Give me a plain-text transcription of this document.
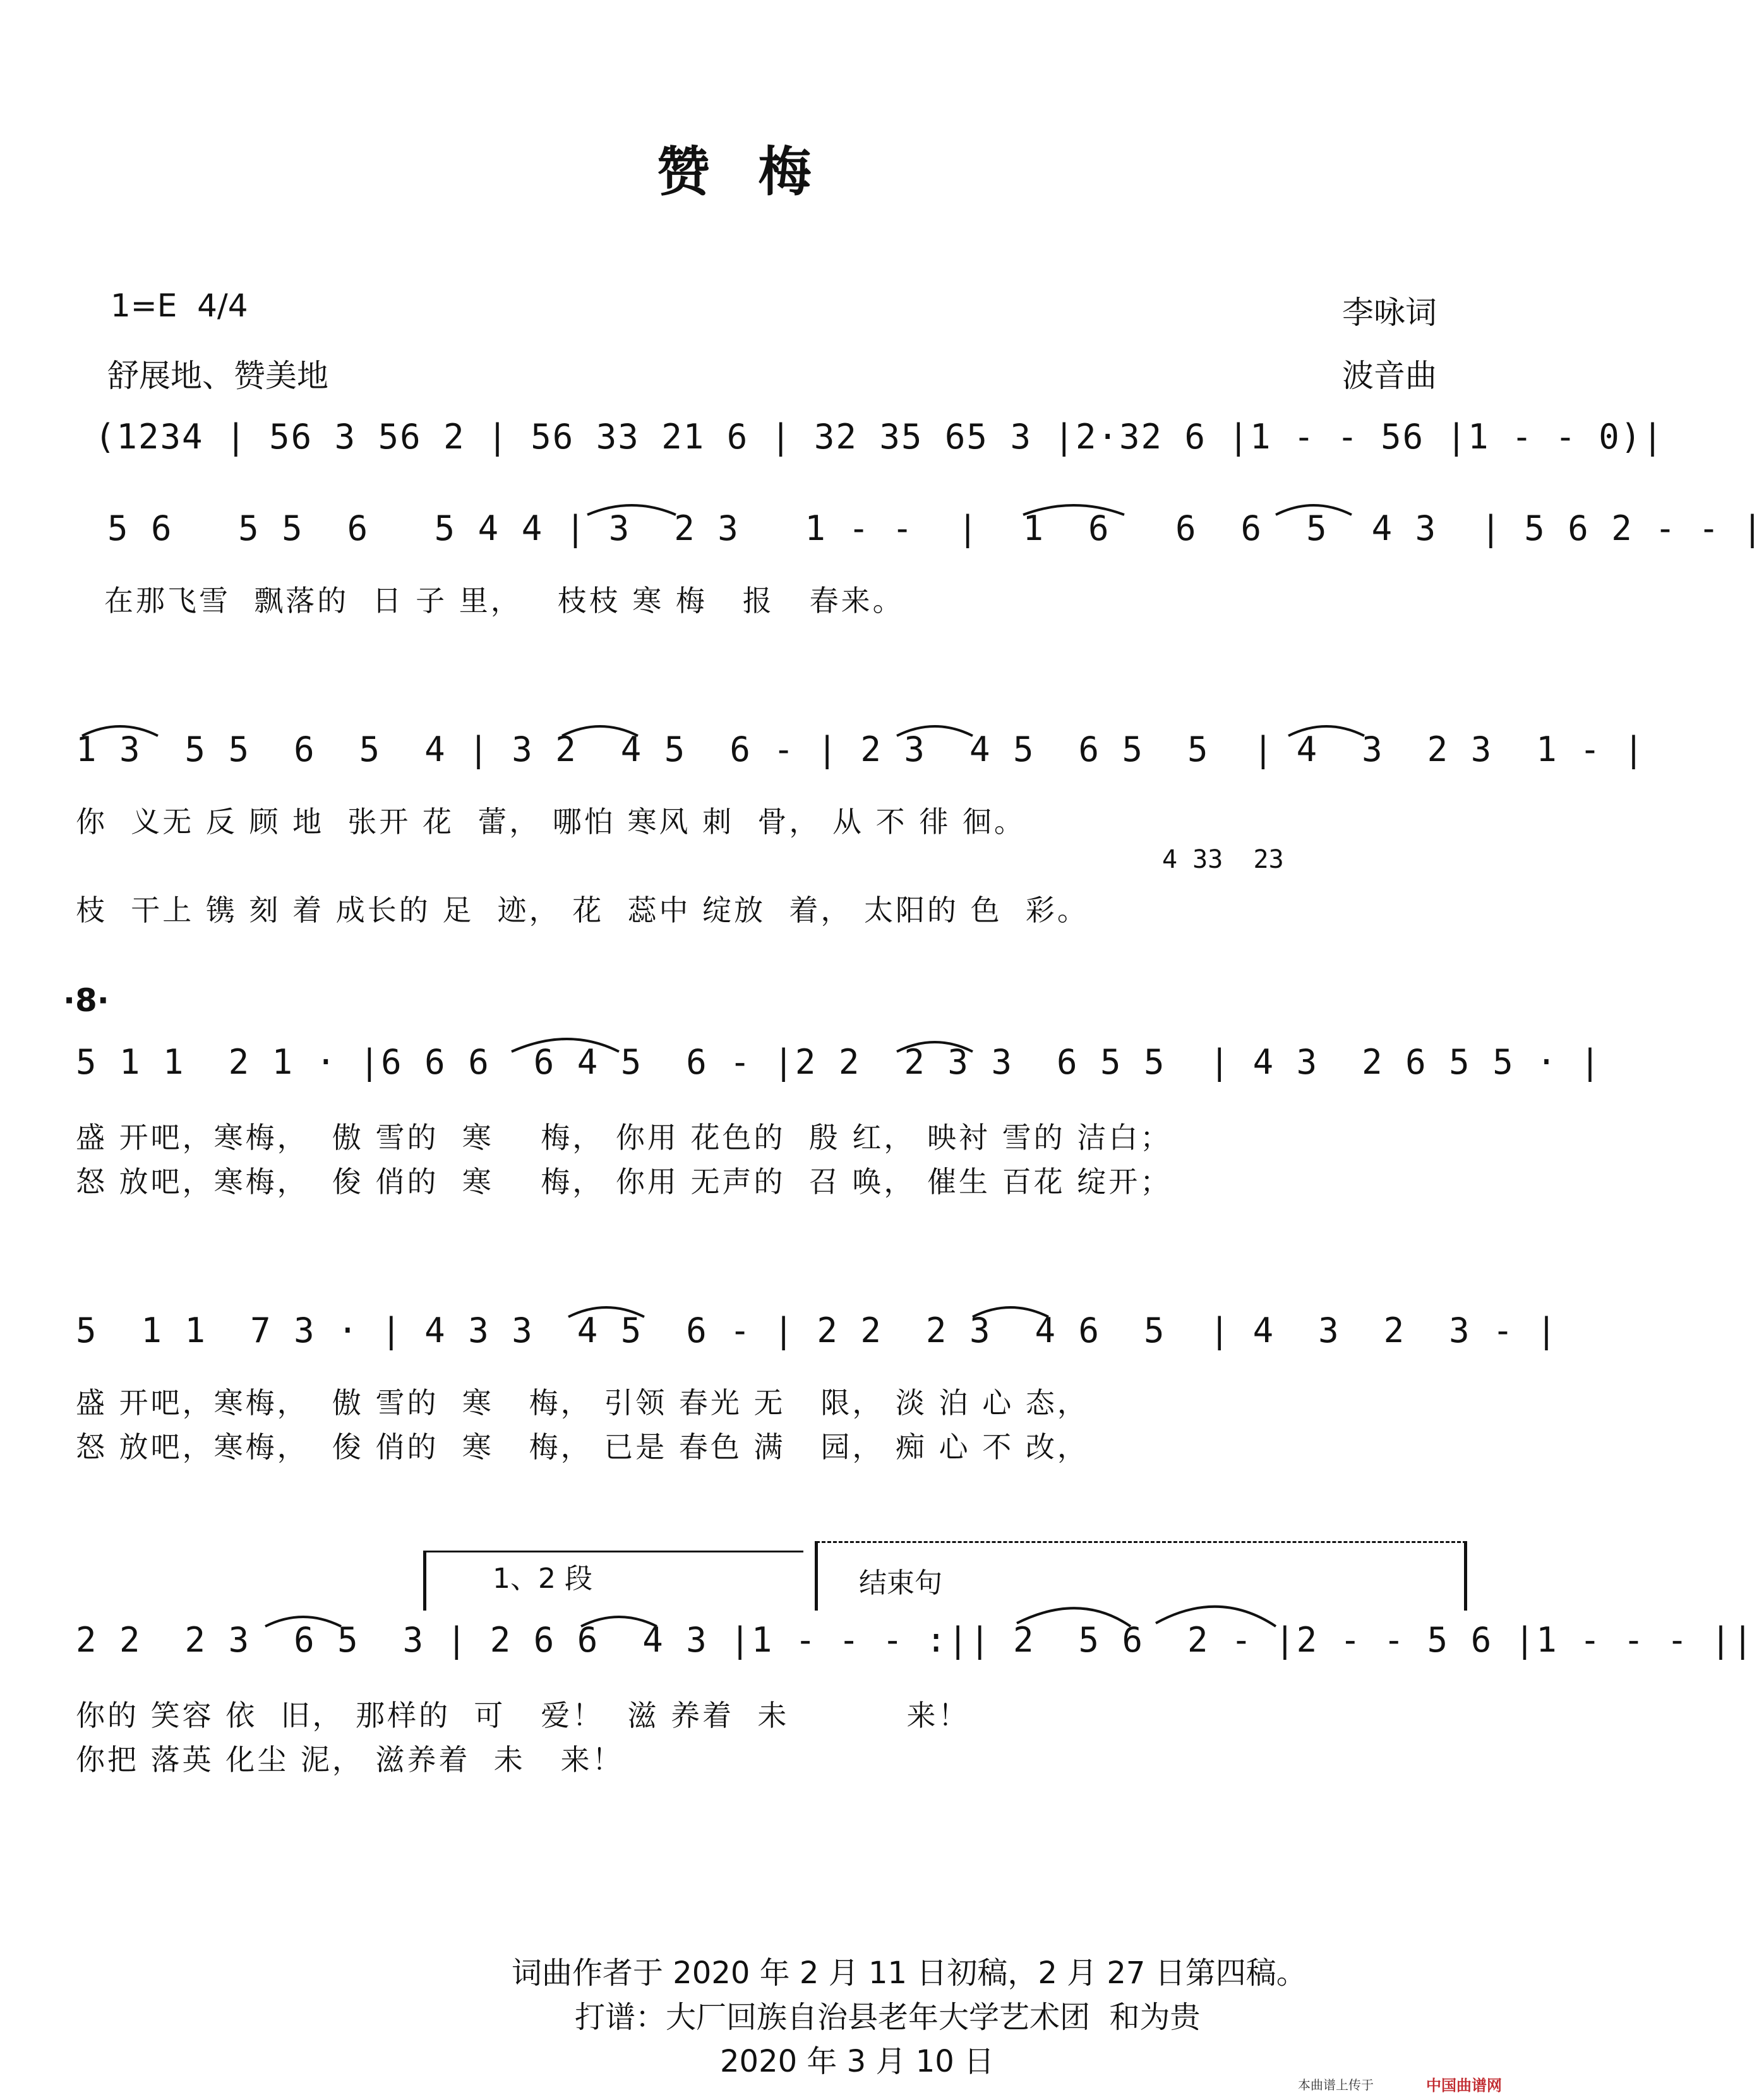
赞  梅
1=E  4/4
舒展地、赞美地
李咏词
波音曲
(1234 | 56 3 56 2 | 56 33 21 6 | 32 35 65 3 |2·32 6 |1 - - 56 |1 - - 0)|
5 6   5 5  6   5 4 4 | 3  2 3   1 - -  |  1  6   6  6  5  4 3  | 5 6 2 - - |
在那飞雪  飘落的  日 子 里，   枝枝 寒 梅   报   春来。
1 3  5 5  6  5  4 | 3 2  4 5  6 - | 2 3  4 5  6 5  5  | 4  3  2 3  1 - |
你  义无 反 顾 地  张开 花  蕾， 哪怕 寒风 刺  骨， 从 不 徘 徊。
4 33  23
枝  干上 镌 刻 着 成长的 足  迹， 花  蕊中 绽放  着， 太阳的 色  彩。
·8·
5 1 1  2 1 · |6 6 6  6 4 5  6 - |2 2  2 3 3  6 5 5  | 4 3  2 6 5 5 · |
盛 开吧，寒梅，  傲 雪的  寒    梅， 你用 花色的  殷 红， 映衬 雪的 洁白；
怒 放吧，寒梅，  俊 俏的  寒    梅， 你用 无声的  召 唤， 催生 百花 绽开；
5  1 1  7 3 · | 4 3 3  4 5  6 - | 2 2  2 3  4 6  5  | 4  3  2  3 - |
盛 开吧，寒梅，  傲 雪的  寒   梅， 引领 春光 无   限， 淡 泊 心 态，
怒 放吧，寒梅，  俊 俏的  寒   梅， 已是 春色 满   园， 痴 心 不 改，
1、2 段	结束句
2 2  2 3  6 5  3 | 2 6 6  4 3 |1 - - - :|| 2  5 6  2 - |2 - - 5 6 |1 - - - ||
你的 笑容 依  旧， 那样的  可   爱！  滋 养着  未          来！
你把 落英 化尘 泥， 滋养着  未   来！
词曲作者于 2020 年 2 月 11 日初稿，2 月 27 日第四稿。
打谱：大厂回族自治县老年大学艺术团  和为贵
2020 年 3 月 10 日
本曲谱上传于	中国曲谱网
